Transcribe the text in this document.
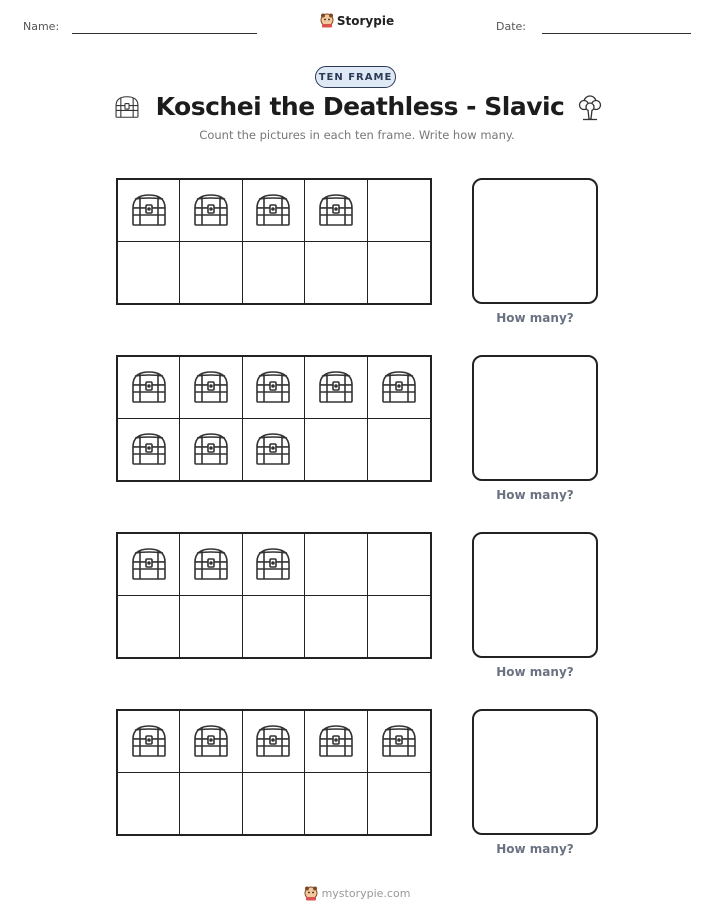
Name:	Storypie	Date:
TEN FRAME
Koschei the Deathless - Slavic
Count the pictures in each ten frame. Write how many.
How many?
How many?
How many?
How many?
mystorypie.com
